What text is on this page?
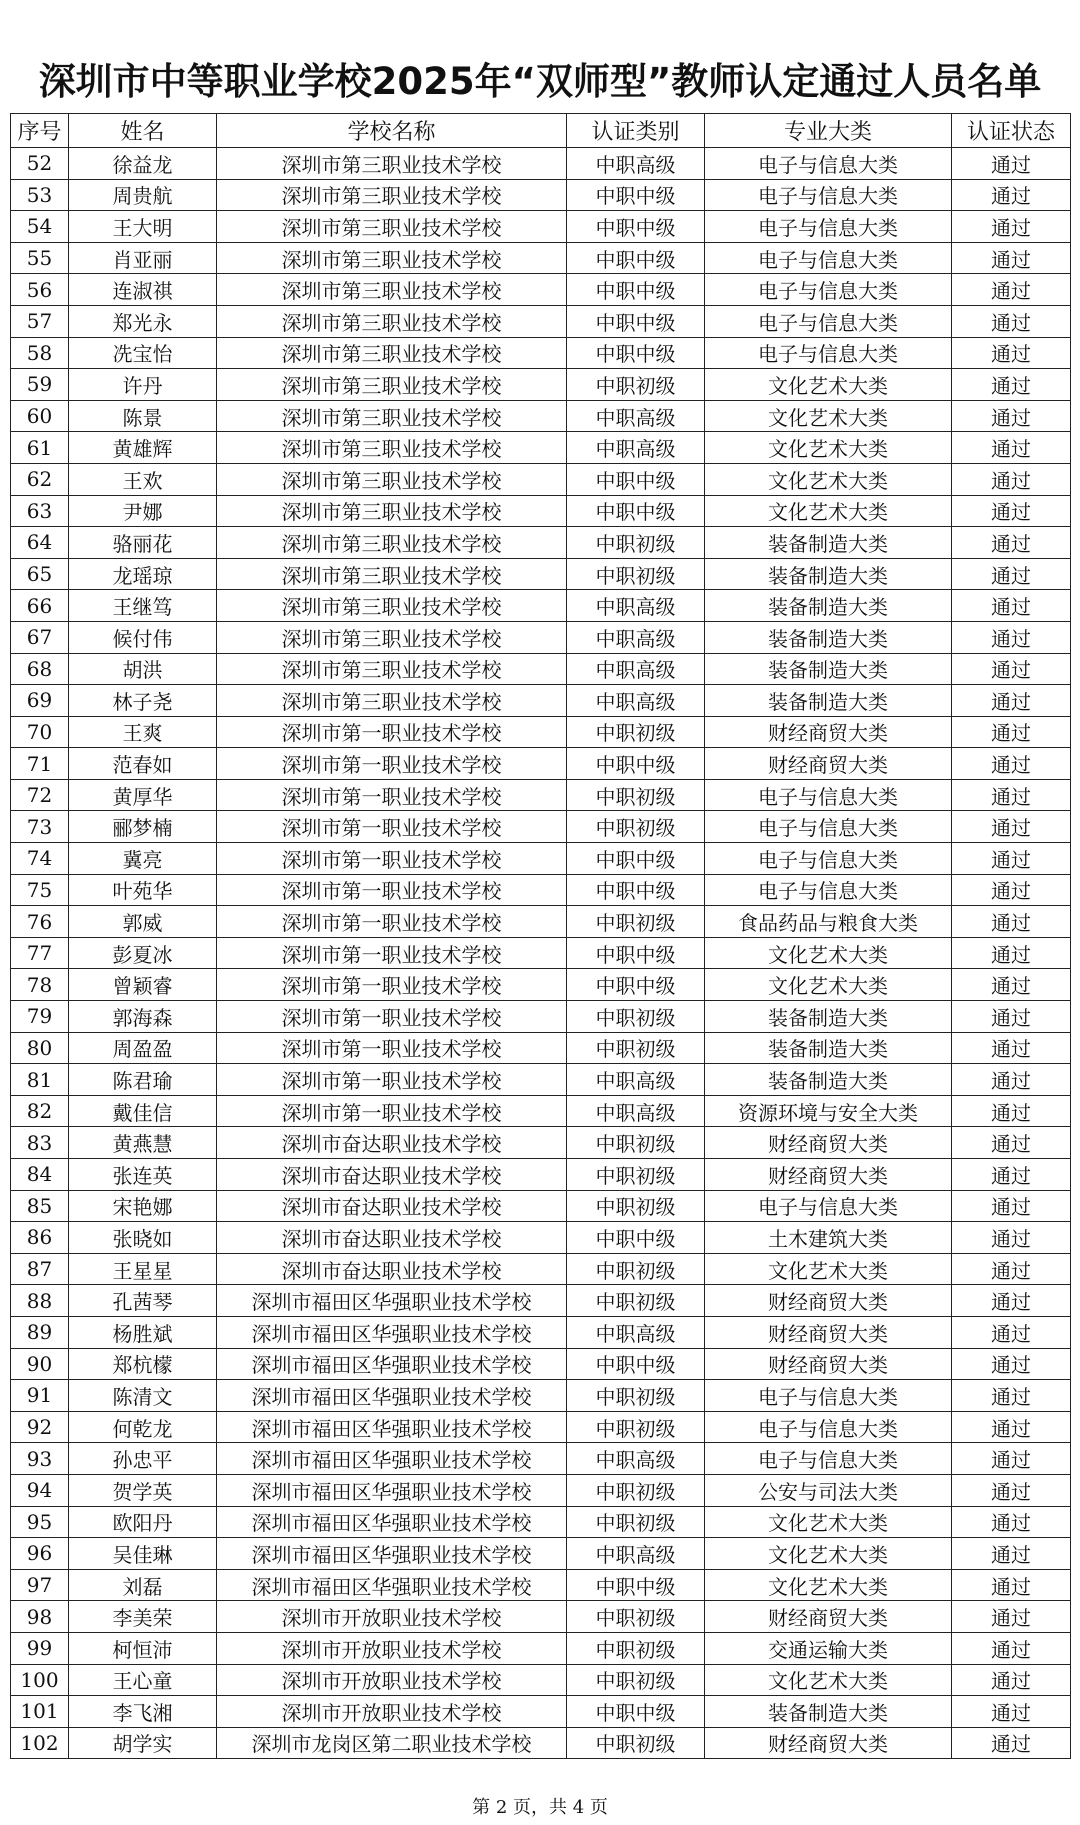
深圳市中等职业学校2025年“双师型”教师认定通过人员名单
序号	姓名	学校名称	认证类别	专业大类	认证状态
52	徐益龙	深圳市第三职业技术学校	中职高级	电子与信息大类	通过
53	周贵航	深圳市第三职业技术学校	中职中级	电子与信息大类	通过
54	王大明	深圳市第三职业技术学校	中职中级	电子与信息大类	通过
55	肖亚丽	深圳市第三职业技术学校	中职中级	电子与信息大类	通过
56	连淑祺	深圳市第三职业技术学校	中职中级	电子与信息大类	通过
57	郑光永	深圳市第三职业技术学校	中职中级	电子与信息大类	通过
58	冼宝怡	深圳市第三职业技术学校	中职中级	电子与信息大类	通过
59	许丹	深圳市第三职业技术学校	中职初级	文化艺术大类	通过
60	陈景	深圳市第三职业技术学校	中职高级	文化艺术大类	通过
61	黄雄辉	深圳市第三职业技术学校	中职高级	文化艺术大类	通过
62	王欢	深圳市第三职业技术学校	中职中级	文化艺术大类	通过
63	尹娜	深圳市第三职业技术学校	中职中级	文化艺术大类	通过
64	骆丽花	深圳市第三职业技术学校	中职初级	装备制造大类	通过
65	龙瑶琼	深圳市第三职业技术学校	中职初级	装备制造大类	通过
66	王继笃	深圳市第三职业技术学校	中职高级	装备制造大类	通过
67	候付伟	深圳市第三职业技术学校	中职高级	装备制造大类	通过
68	胡洪	深圳市第三职业技术学校	中职高级	装备制造大类	通过
69	林子尧	深圳市第三职业技术学校	中职高级	装备制造大类	通过
70	王爽	深圳市第一职业技术学校	中职初级	财经商贸大类	通过
71	范春如	深圳市第一职业技术学校	中职中级	财经商贸大类	通过
72	黄厚华	深圳市第一职业技术学校	中职初级	电子与信息大类	通过
73	郦梦楠	深圳市第一职业技术学校	中职初级	电子与信息大类	通过
74	冀亮	深圳市第一职业技术学校	中职中级	电子与信息大类	通过
75	叶苑华	深圳市第一职业技术学校	中职中级	电子与信息大类	通过
76	郭威	深圳市第一职业技术学校	中职初级	食品药品与粮食大类	通过
77	彭夏冰	深圳市第一职业技术学校	中职中级	文化艺术大类	通过
78	曾颖睿	深圳市第一职业技术学校	中职中级	文化艺术大类	通过
79	郭海森	深圳市第一职业技术学校	中职初级	装备制造大类	通过
80	周盈盈	深圳市第一职业技术学校	中职初级	装备制造大类	通过
81	陈君瑜	深圳市第一职业技术学校	中职高级	装备制造大类	通过
82	戴佳信	深圳市第一职业技术学校	中职高级	资源环境与安全大类	通过
83	黄燕慧	深圳市奋达职业技术学校	中职初级	财经商贸大类	通过
84	张连英	深圳市奋达职业技术学校	中职初级	财经商贸大类	通过
85	宋艳娜	深圳市奋达职业技术学校	中职初级	电子与信息大类	通过
86	张晓如	深圳市奋达职业技术学校	中职中级	土木建筑大类	通过
87	王星星	深圳市奋达职业技术学校	中职初级	文化艺术大类	通过
88	孔茜琴	深圳市福田区华强职业技术学校	中职初级	财经商贸大类	通过
89	杨胜斌	深圳市福田区华强职业技术学校	中职高级	财经商贸大类	通过
90	郑杭檬	深圳市福田区华强职业技术学校	中职中级	财经商贸大类	通过
91	陈清文	深圳市福田区华强职业技术学校	中职初级	电子与信息大类	通过
92	何乾龙	深圳市福田区华强职业技术学校	中职初级	电子与信息大类	通过
93	孙忠平	深圳市福田区华强职业技术学校	中职高级	电子与信息大类	通过
94	贺学英	深圳市福田区华强职业技术学校	中职初级	公安与司法大类	通过
95	欧阳丹	深圳市福田区华强职业技术学校	中职初级	文化艺术大类	通过
96	吴佳琳	深圳市福田区华强职业技术学校	中职高级	文化艺术大类	通过
97	刘磊	深圳市福田区华强职业技术学校	中职中级	文化艺术大类	通过
98	李美荣	深圳市开放职业技术学校	中职初级	财经商贸大类	通过
99	柯恒沛	深圳市开放职业技术学校	中职初级	交通运输大类	通过
100	王心童	深圳市开放职业技术学校	中职初级	文化艺术大类	通过
101	李飞湘	深圳市开放职业技术学校	中职中级	装备制造大类	通过
102	胡学实	深圳市龙岗区第二职业技术学校	中职初级	财经商贸大类	通过
第 2 页，共 4 页
